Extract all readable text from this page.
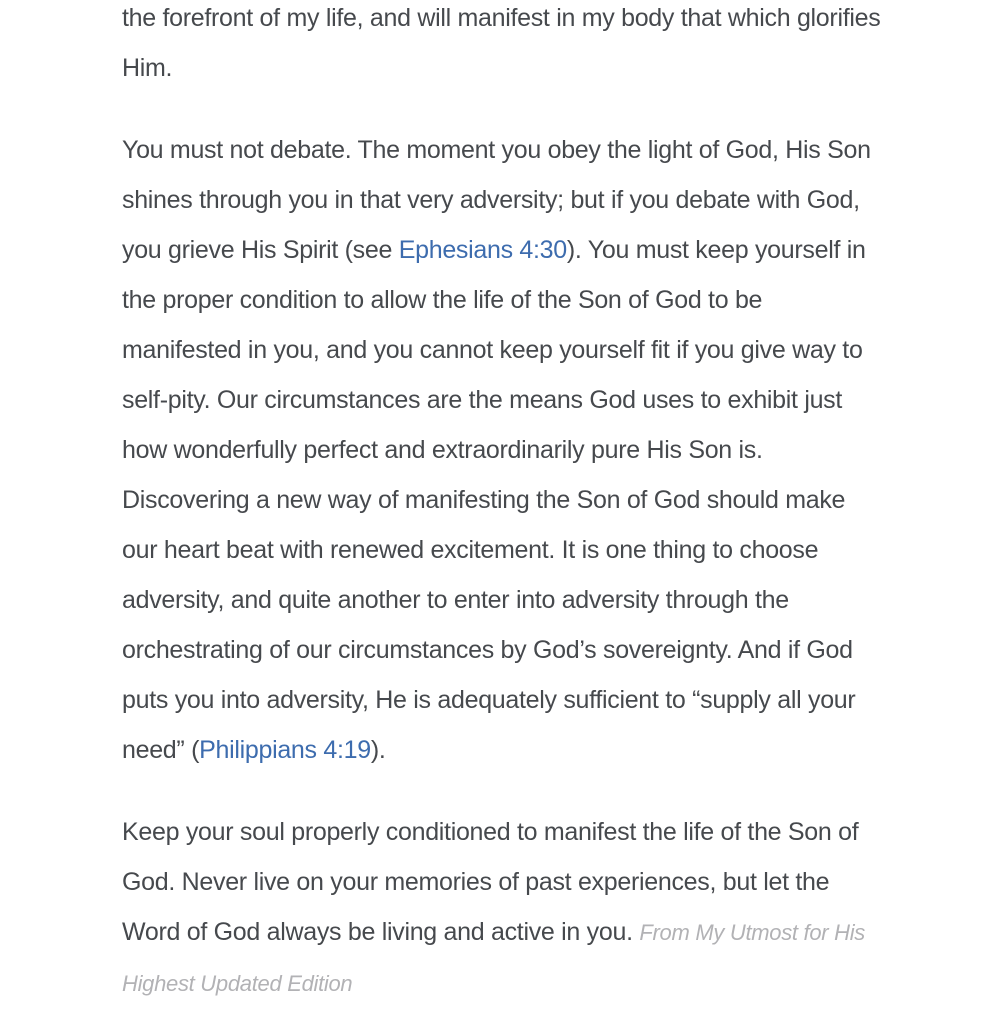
the forefront of my life, and will manifest in my body that which glorifies Him.

You must not debate. The moment you obey the light of God, His Son shines through you in that very adversity; but if you debate with God, you grieve His Spirit (see Ephesians 4:30). You must keep yourself in the proper condition to allow the life of the Son of God to be manifested in you, and you cannot keep yourself fit if you give way to self-pity. Our circumstances are the means God uses to exhibit just how wonderfully perfect and extraordinarily pure His Son is. Discovering a new way of manifesting the Son of God should make our heart beat with renewed excitement. It is one thing to choose adversity, and quite another to enter into adversity through the orchestrating of our circumstances by God’s sovereignty. And if God puts you into adversity, He is adequately sufficient to “supply all your need” (Philippians 4:19).

Keep your soul properly conditioned to manifest the life of the Son of God. Never live on your memories of past experiences, but let the Word of God always be living and active in you. From My Utmost for His Highest Updated Edition
